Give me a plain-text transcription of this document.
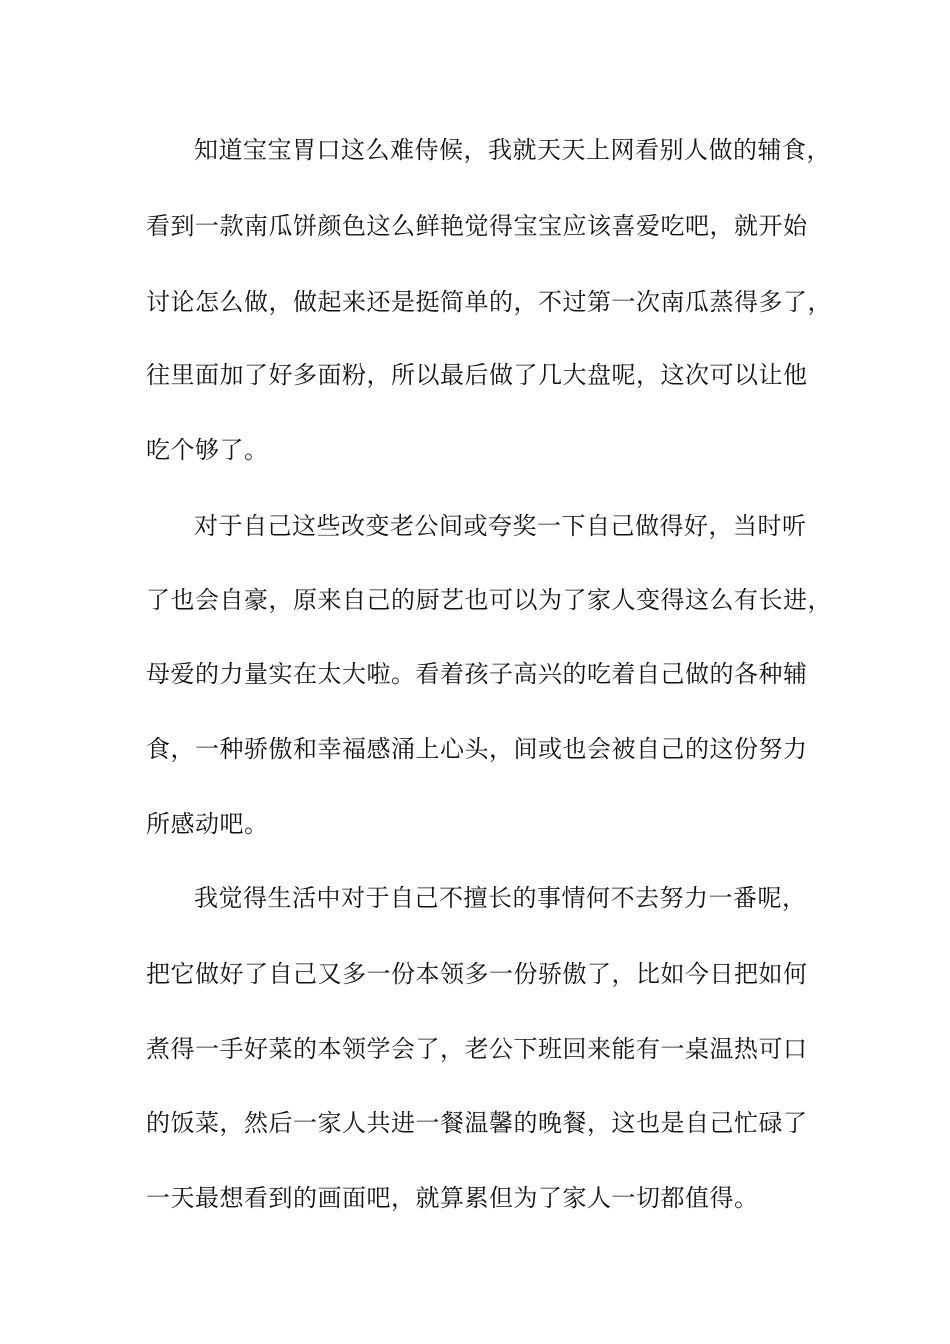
知道宝宝胃口这么难侍候，我就天天上网看别人做的辅食，
看到一款南瓜饼颜色这么鲜艳觉得宝宝应该喜爱吃吧，就开始
讨论怎么做，做起来还是挺简单的，不过第一次南瓜蒸得多了，
往里面加了好多面粉，所以最后做了几大盘呢，这次可以让他
吃个够了。
对于自己这些改变老公间或夸奖一下自己做得好，当时听
了也会自豪，原来自己的厨艺也可以为了家人变得这么有长进，
母爱的力量实在太大啦。看着孩子高兴的吃着自己做的各种辅
食，一种骄傲和幸福感涌上心头，间或也会被自己的这份努力
所感动吧。
我觉得生活中对于自己不擅长的事情何不去努力一番呢，
把它做好了自己又多一份本领多一份骄傲了，比如今日把如何
煮得一手好菜的本领学会了，老公下班回来能有一桌温热可口
的饭菜，然后一家人共进一餐温馨的晚餐，这也是自己忙碌了
一天最想看到的画面吧，就算累但为了家人一切都值得。
